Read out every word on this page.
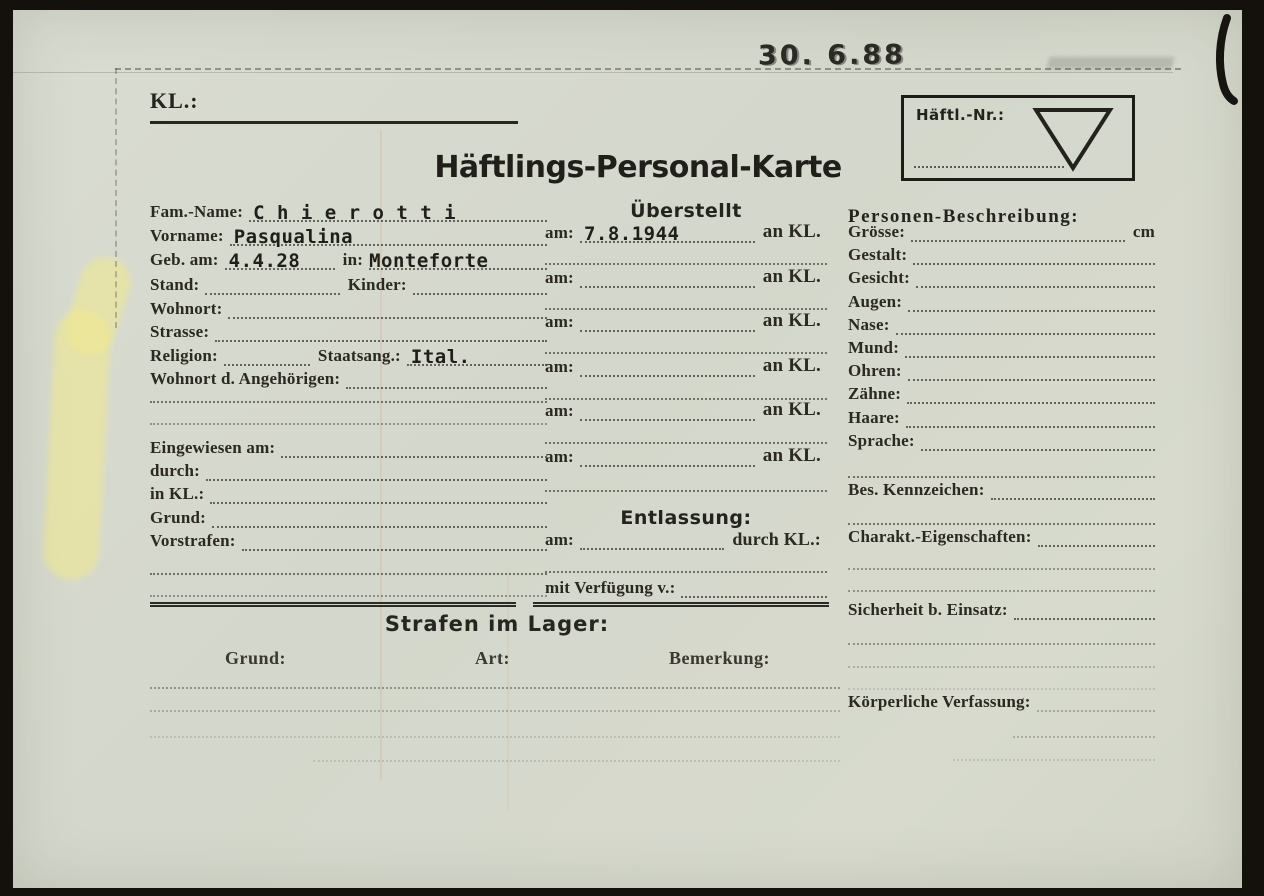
30. 6.88
KL.:
Häftl.-Nr.:
Häftlings-Personal-Karte
Fam.-Name: C h i e r o t t i
Vorname: Pasqualina
Geb. am: 4.4.28 in: Monteforte
Stand:	Kinder:
Wohnort:
Strasse:
Religion:	Staatsang.: Ital.
Wohnort d. Angehörigen:
Eingewiesen am:
durch:
in KL.:
Grund:
Vorstrafen:
Überstellt
am: 7.8.1944	an KL.
am:	an KL.
am:	an KL.
am:	an KL.
am:	an KL.
am:	an KL.
Entlassung:
am:	durch KL.:
mit Verfügung v.:
Personen-Beschreibung:
Grösse:	cm
Gestalt:
Gesicht:
Augen:
Nase:
Mund:
Ohren:
Zähne:
Haare:
Sprache:
Bes. Kennzeichen:
Charakt.-Eigenschaften:
Sicherheit b. Einsatz:
Körperliche Verfassung:
Strafen im Lager:
Grund:	Art:	Bemerkung:
